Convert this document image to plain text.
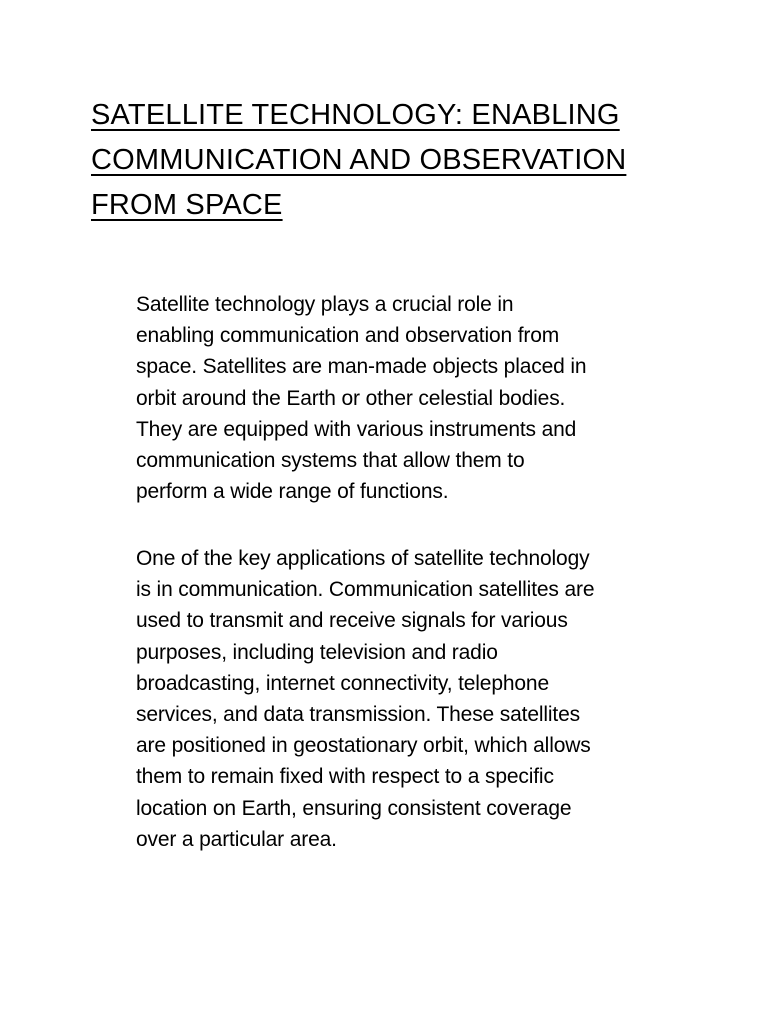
SATELLITE TECHNOLOGY: ENABLING
COMMUNICATION AND OBSERVATION
FROM SPACE

Satellite technology plays a crucial role in
enabling communication and observation from
space. Satellites are man-made objects placed in
orbit around the Earth or other celestial bodies.
They are equipped with various instruments and
communication systems that allow them to
perform a wide range of functions.

One of the key applications of satellite technology
is in communication. Communication satellites are
used to transmit and receive signals for various
purposes, including television and radio
broadcasting, internet connectivity, telephone
services, and data transmission. These satellites
are positioned in geostationary orbit, which allows
them to remain fixed with respect to a specific
location on Earth, ensuring consistent coverage
over a particular area.
